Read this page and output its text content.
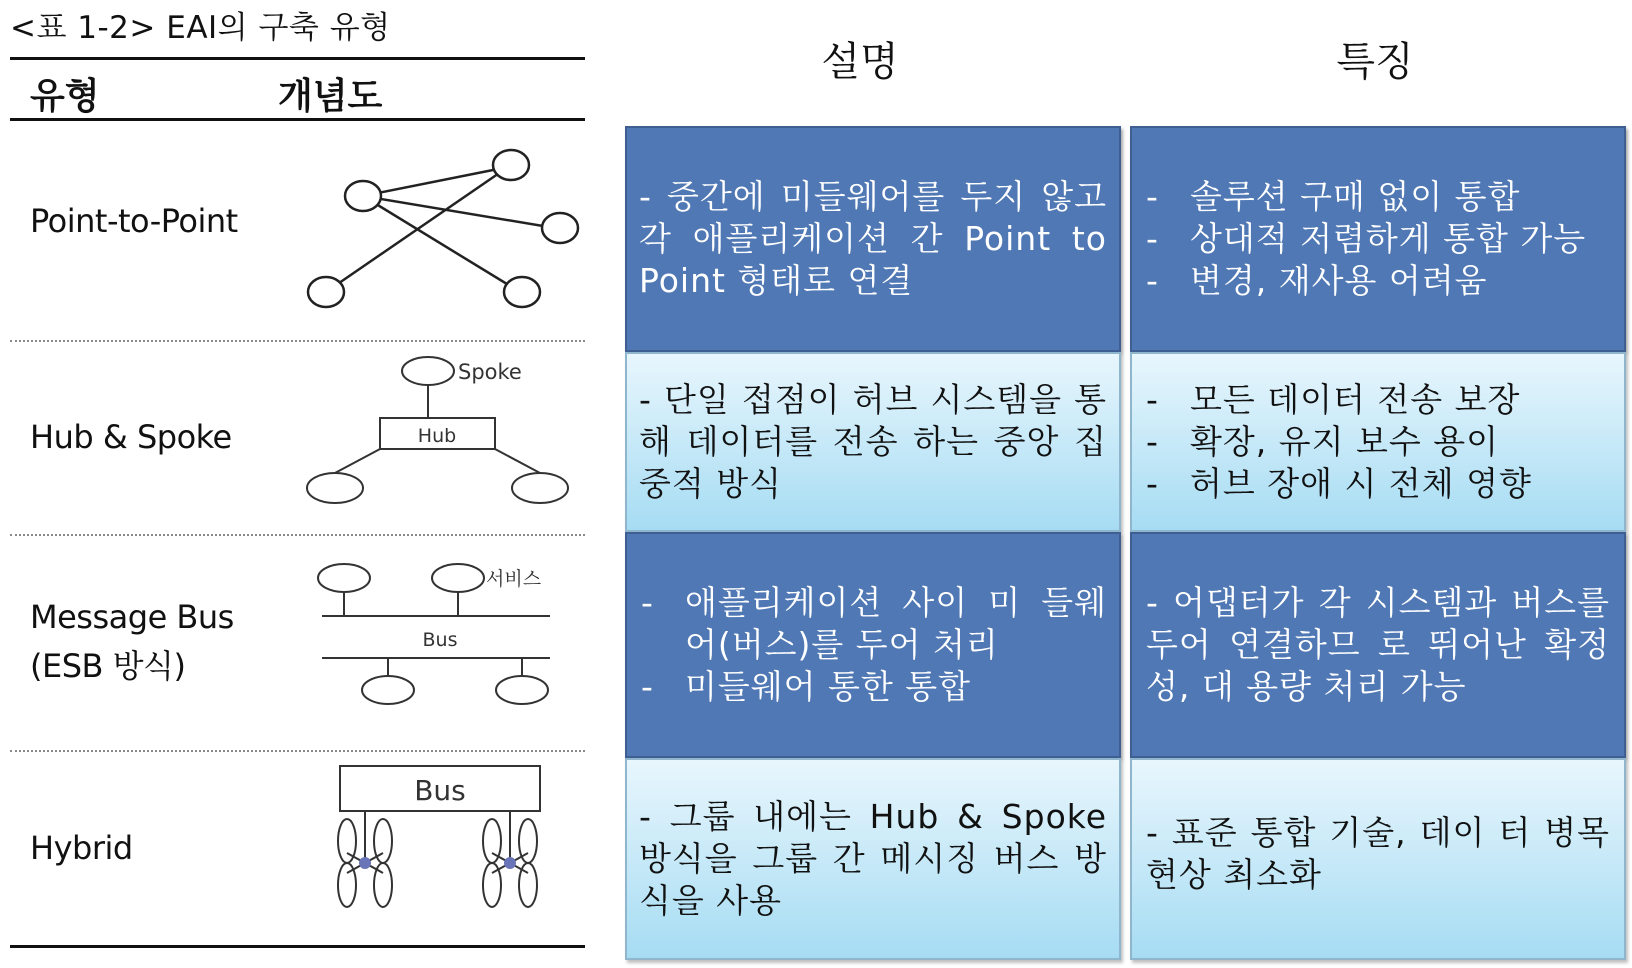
<표 1-2> EAI의 구축 유형
유형	개념도
Point-to-Point
Hub & Spoke
Spoke
Hub
Message Bus
(ESB 방식)
서비스
Bus
Hybrid
Bus
설명	특징
- 중간에 미들웨어를 두지 않고 각 애플리케이션 간 Point to Point 형태로 연결
- 솔루션 구매 없이 통합
- 상대적 저렴하게 통합 가능
- 변경, 재사용 어려움
- 단일 접점이 허브 시스템을 통해 데이터를 전송 하는 중앙 집중적 방식
- 모든 데이터 전송 보장
- 확장, 유지 보수 용이
- 허브 장애 시 전체 영향
- 애플리케이션 사이 미 들웨어(버스)를 두어 처리
- 미들웨어 통한 통합
- 어댑터가 각 시스템과 버스를 두어 연결하므 로 뛰어난 확정성, 대 용량 처리 가능
- 그룹 내에는 Hub & Spoke 방식을 그룹 간 메시징 버스 방식을 사용
- 표준 통합 기술, 데이 터 병목 현상 최소화
